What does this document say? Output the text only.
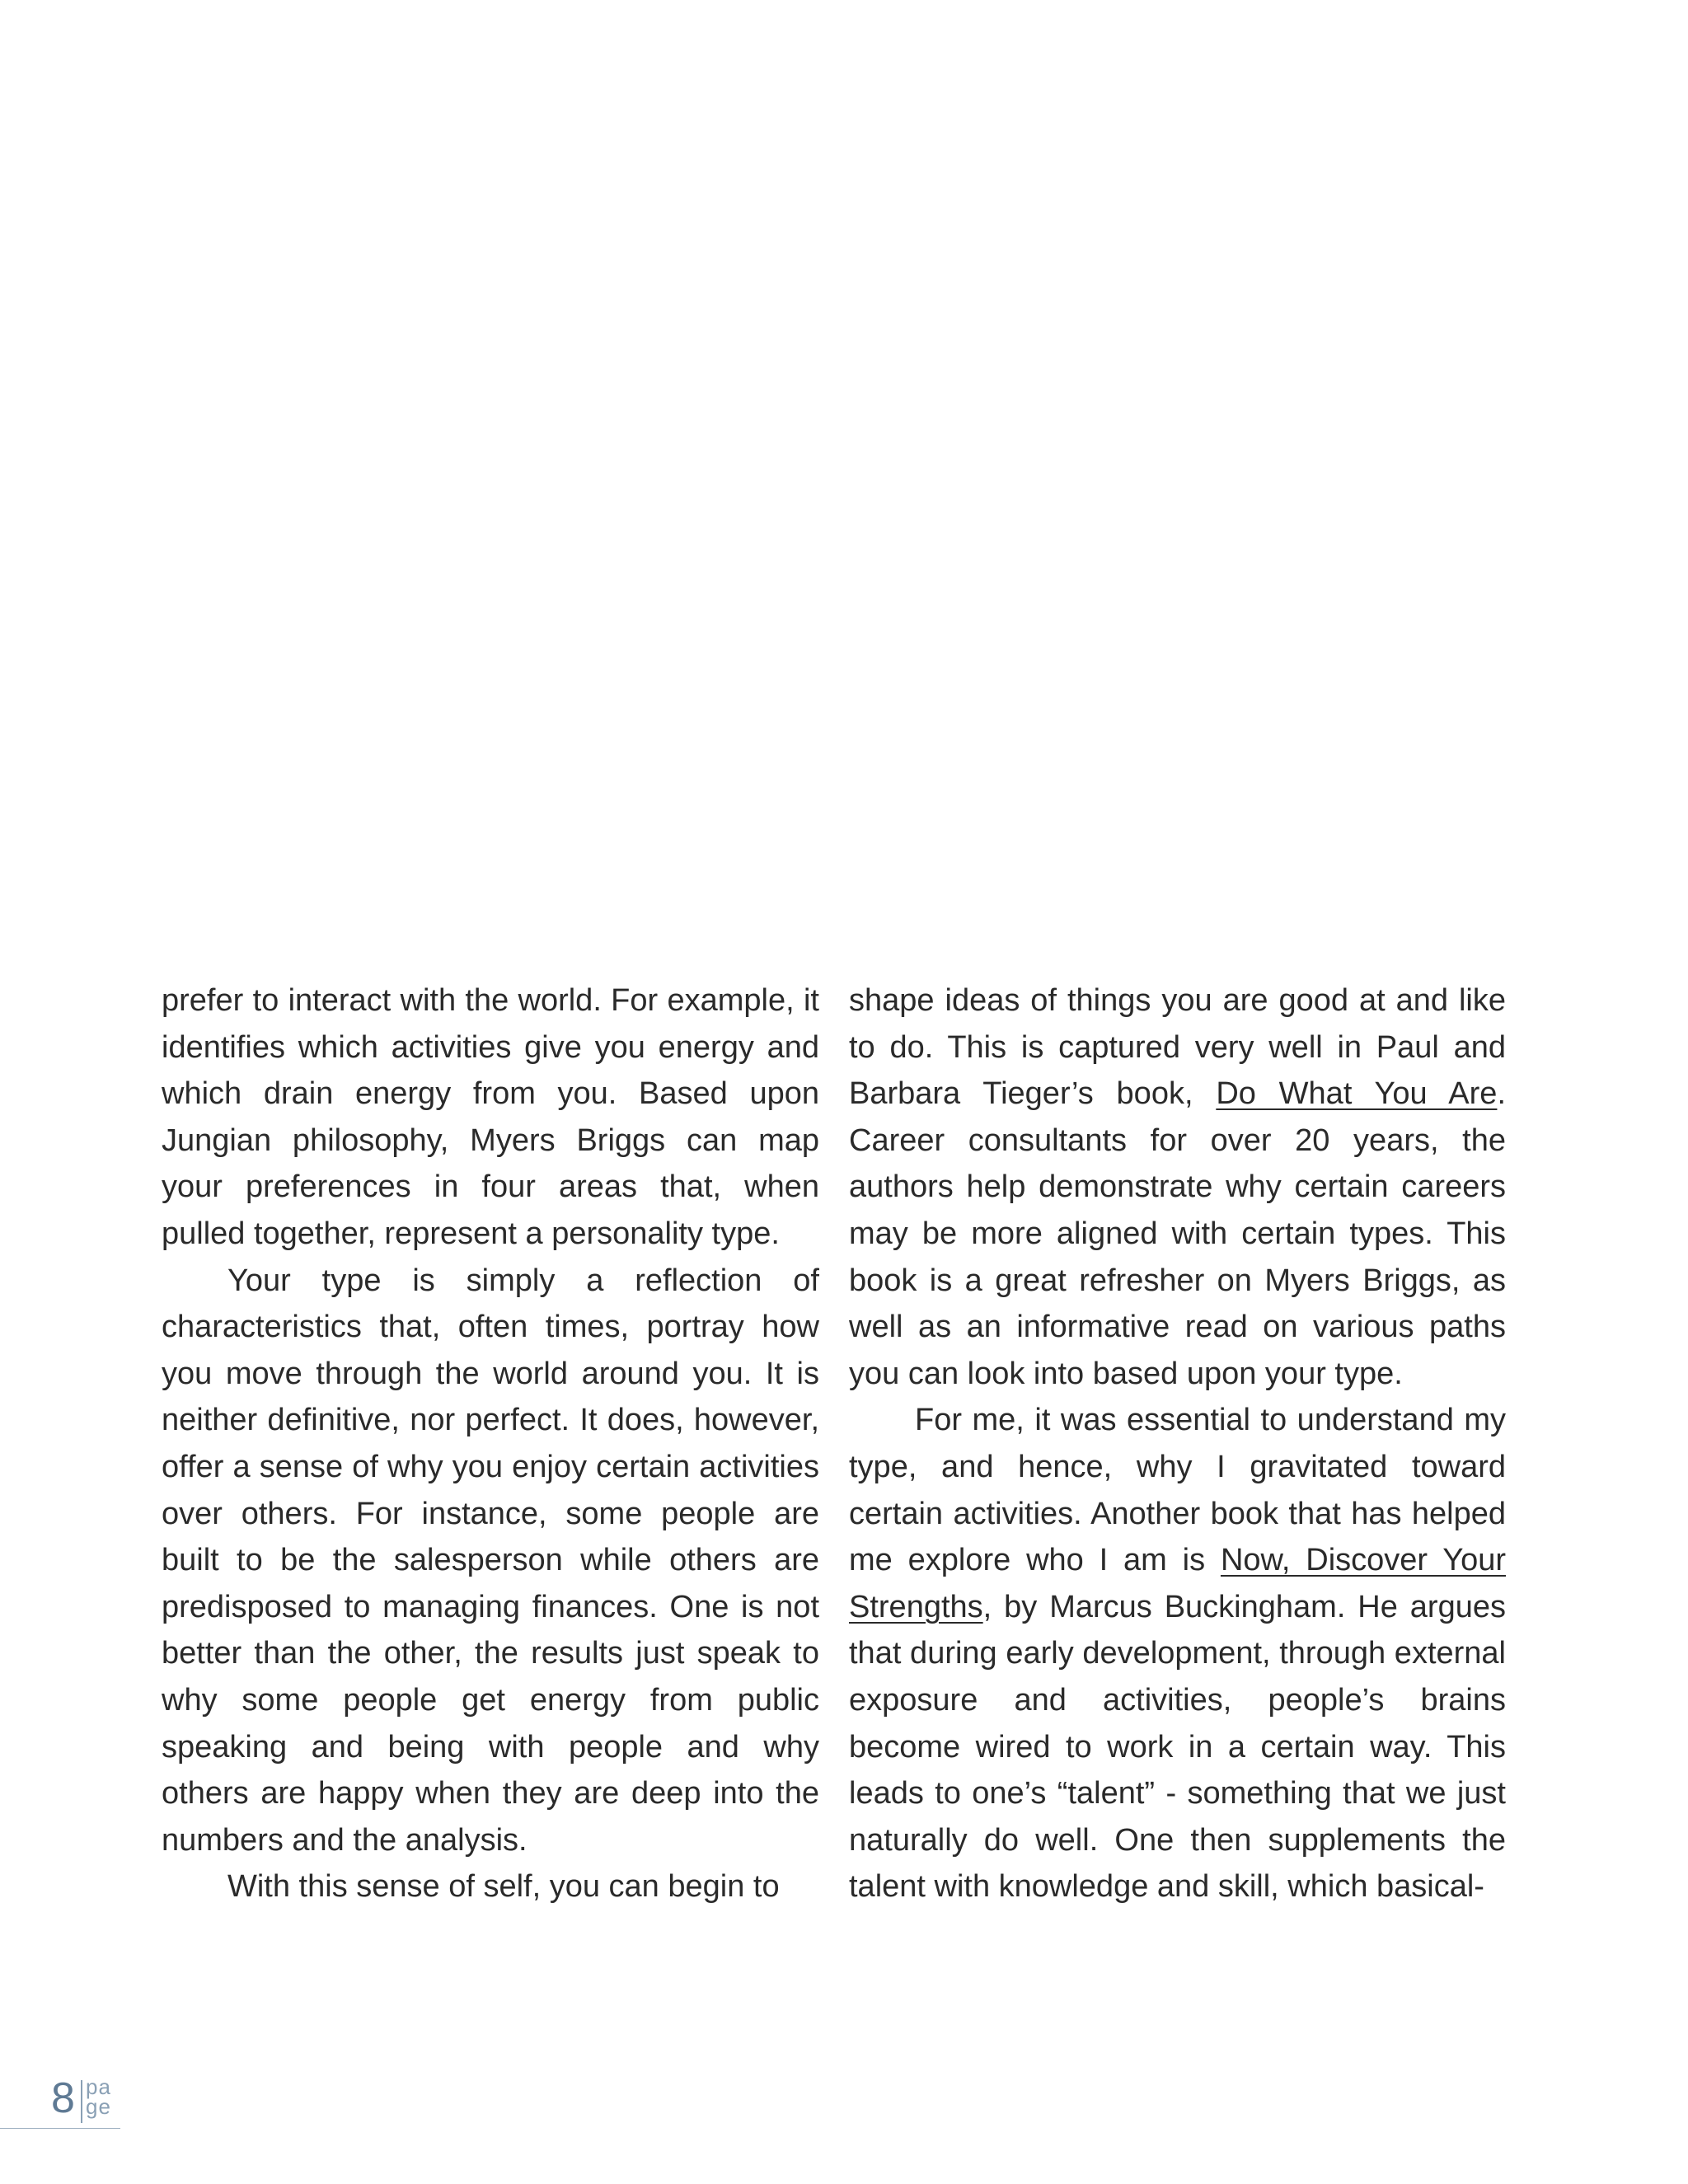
prefer to interact with the world. For example, it identifies which activities give you energy and which drain energy from you. Based upon Jungian philosophy, Myers Briggs can map your preferences in four areas that, when pulled together, represent a personality type.

Your type is simply a reflection of characteristics that, often times, portray how you move through the world around you. It is neither definitive, nor perfect. It does, however, offer a sense of why you enjoy certain activities over others. For instance, some people are built to be the salesperson while others are predisposed to managing finances. One is not better than the other, the results just speak to why some people get energy from public speaking and being with people and why others are happy when they are deep into the numbers and the analysis.

With this sense of self, you can begin to

shape ideas of things you are good at and like to do. This is captured very well in Paul and Barbara Tieger’s book, Do What You Are. Career consultants for over 20 years, the authors help demonstrate why certain careers may be more aligned with certain types. This book is a great refresher on Myers Briggs, as well as an informative read on various paths you can look into based upon your type.

For me, it was essential to understand my type, and hence, why I gravitated toward certain activities. Another book that has helped me explore who I am is Now, Discover Your Strengths, by Marcus Buckingham. He argues that during early development, through external exposure and activities, people’s brains become wired to work in a certain way. This leads to one’s “talent” - something that we just naturally do well. One then supplements the talent with knowledge and skill, which basical-

8 pa
ge
